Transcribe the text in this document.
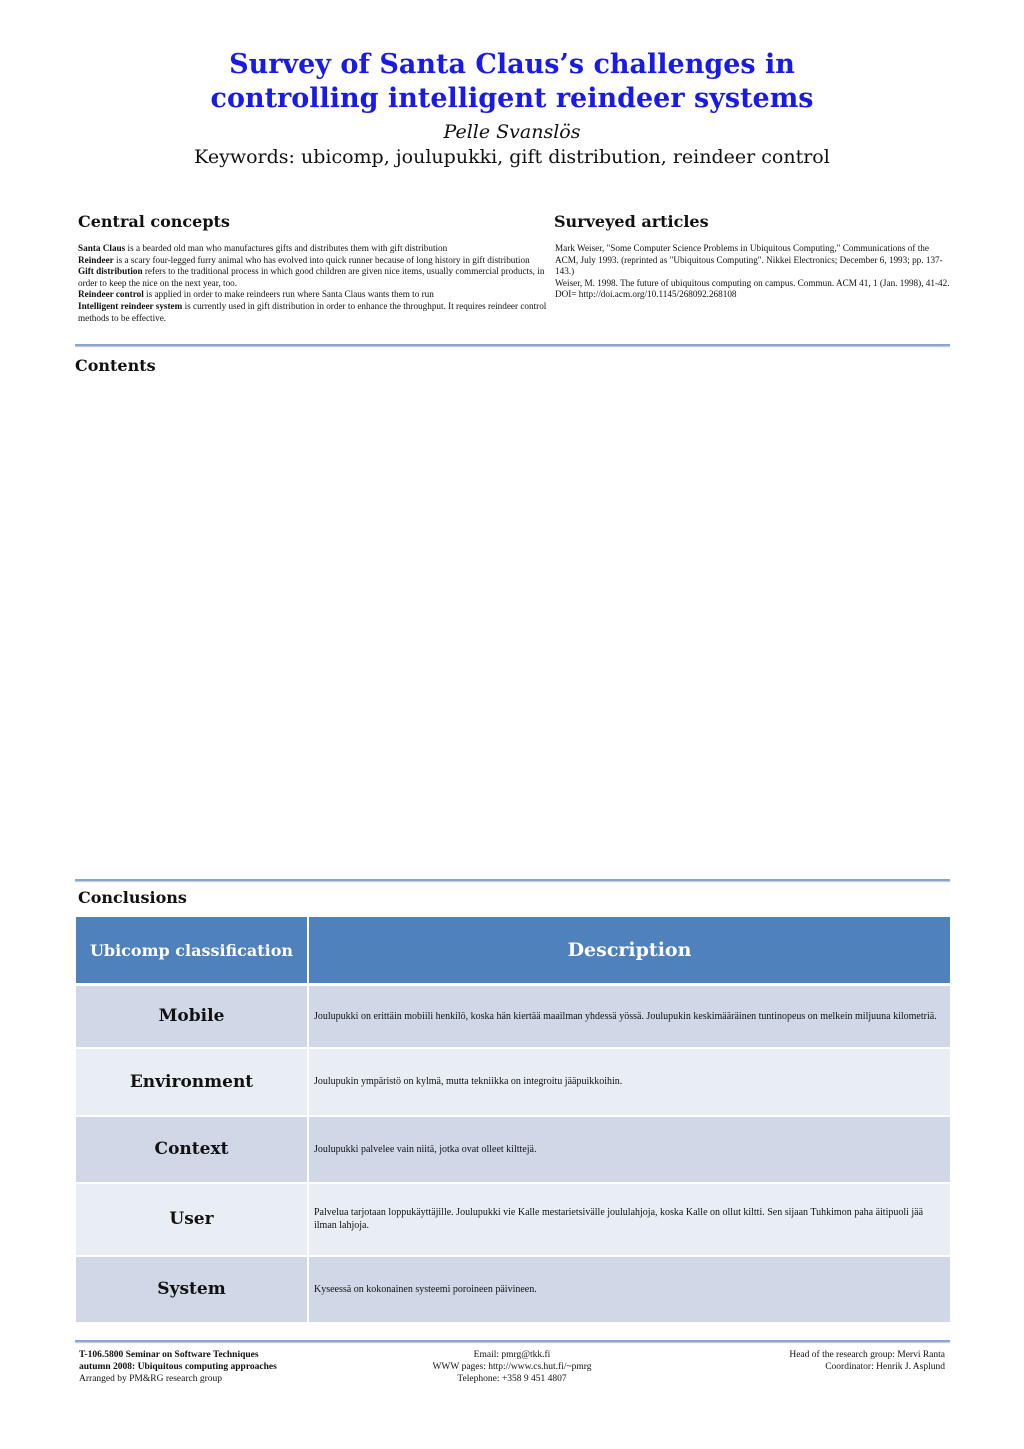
Survey of Santa Claus’s challenges in
controlling intelligent reindeer systems
Pelle Svanslös
Keywords: ubicomp, joulupukki, gift distribution, reindeer control
Central concepts	Surveyed articles
Santa Claus is a bearded old man who manufactures gifts and distributes them with gift distribution
Reindeer is a scary four-legged furry animal who has evolved into quick runner because of long history in gift distribution
Gift distribution refers to the traditional process in which good children are given nice items, usually commercial products, in order to keep the nice on the next year, too.
Reindeer control is applied in order to make reindeers run where Santa Claus wants them to run
Intelligent reindeer system is currently used in gift distribution in order to enhance the throughput. It requires reindeer control methods to be effective.
Mark Weiser, "Some Computer Science Problems in Ubiquitous Computing," Communications of the ACM, July 1993. (reprinted as "Ubiquitous Computing". Nikkei Electronics; December 6, 1993; pp. 137-143.)
Weiser, M. 1998. The future of ubiquitous computing on campus. Commun. ACM 41, 1 (Jan. 1998), 41-42. DOI= http://doi.acm.org/10.1145/268092.268108
Contents
Conclusions
Ubicomp classification	Description
Mobile	Joulupukki on erittäin mobiili henkilö, koska hän kiertää maailman yhdessä yössä. Joulupukin keskimääräinen tuntinopeus on melkein miljuuna kilometriä.
Environment	Joulupukin ympäristö on kylmä, mutta tekniikka on integroitu jääpuikkoihin.
Context	Joulupukki palvelee vain niitä, jotka ovat olleet kilttejä.
User	Palvelua tarjotaan loppukäyttäjille. Joulupukki vie Kalle mestarietsivälle joululahjoja, koska Kalle on ollut kiltti. Sen sijaan Tuhkimon paha äitipuoli jää ilman lahjoja.
System	Kyseessä on kokonainen systeemi poroineen päivineen.
T-106.5800 Seminar on Software Techniques
autumn 2008: Ubiquitous computing approaches
Arranged by PM&RG research group
Email: pmrg@tkk.fi
WWW pages: http://www.cs.hut.fi/~pmrg
Telephone: +358 9 451 4807
Head of the research group: Mervi Ranta
Coordinator: Henrik J. Asplund
